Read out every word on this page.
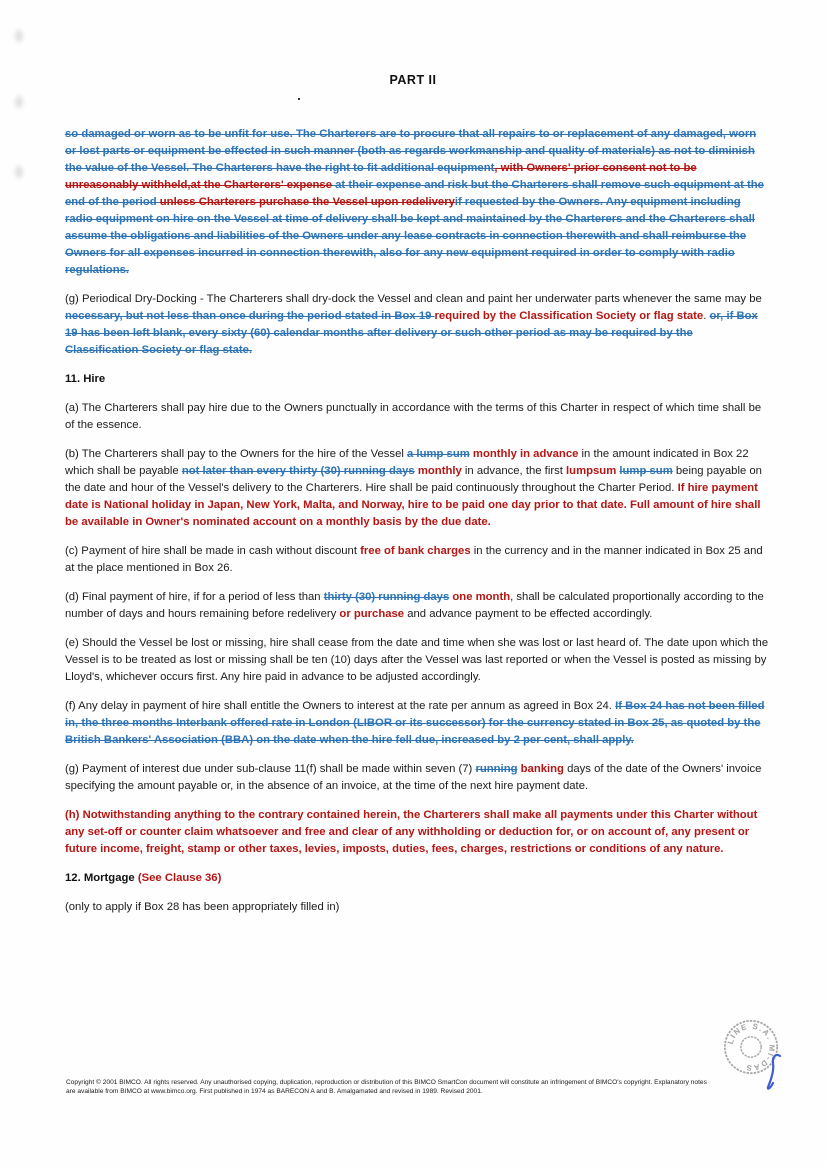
PART II

so damaged or worn as to be unfit for use. The Charterers are to procure that all repairs to or replacement of any damaged, worn or lost parts or equipment be effected in such manner (both as regards workmanship and quality of materials) as not to diminish the value of the Vessel. The Charterers have the right to fit additional equipment, with Owners' prior consent not to be unreasonably withheld,at the Charterers' expense at their expense and risk but the Charterers shall remove such equipment at the end of the period unless Charterers purchase the Vessel upon redeliveryif requested by the Owners. Any equipment including radio equipment on hire on the Vessel at time of delivery shall be kept and maintained by the Charterers and the Charterers shall assume the obligations and liabilities of the Owners under any lease contracts in connection therewith and shall reimburse the Owners for all expenses incurred in connection therewith, also for any new equipment required in order to comply with radio regulations.

(g) Periodical Dry-Docking - The Charterers shall dry-dock the Vessel and clean and paint her underwater parts whenever the same may be necessary, but not less than once during the period stated in Box 19 required by the Classification Society or flag state. or, if Box 19 has been left blank, every sixty (60) calendar months after delivery or such other period as may be required by the Classification Society or flag state.

11. Hire

(a) The Charterers shall pay hire due to the Owners punctually in accordance with the terms of this Charter in respect of which time shall be of the essence.

(b) The Charterers shall pay to the Owners for the hire of the Vessel a lump sum monthly in advance in the amount indicated in Box 22 which shall be payable not later than every thirty (30) running days monthly in advance, the first lumpsum lump sum being payable on the date and hour of the Vessel's delivery to the Charterers. Hire shall be paid continuously throughout the Charter Period. If hire payment date is National holiday in Japan, New York, Malta, and Norway, hire to be paid one day prior to that date. Full amount of hire shall be available in Owner's nominated account on a monthly basis by the due date.

(c) Payment of hire shall be made in cash without discount free of bank charges in the currency and in the manner indicated in Box 25 and at the place mentioned in Box 26.

(d) Final payment of hire, if for a period of less than thirty (30) running days one month, shall be calculated proportionally according to the number of days and hours remaining before redelivery or purchase and advance payment to be effected accordingly.

(e) Should the Vessel be lost or missing, hire shall cease from the date and time when she was lost or last heard of. The date upon which the Vessel is to be treated as lost or missing shall be ten (10) days after the Vessel was last reported or when the Vessel is posted as missing by Lloyd's, whichever occurs first. Any hire paid in advance to be adjusted accordingly.

(f) Any delay in payment of hire shall entitle the Owners to interest at the rate per annum as agreed in Box 24. If Box 24 has not been filled in, the three months Interbank offered rate in London (LIBOR or its successor) for the currency stated in Box 25, as quoted by the British Bankers' Association (BBA) on the date when the hire fell due, increased by 2 per cent, shall apply.

(g) Payment of interest due under sub-clause 11(f) shall be made within seven (7) running banking days of the date of the Owners' invoice specifying the amount payable or, in the absence of an invoice, at the time of the next hire payment date.

(h) Notwithstanding anything to the contrary contained herein, the Charterers shall make all payments under this Charter without any set-off or counter claim whatsoever and free and clear of any withholding or deduction for, or on account of, any present or future income, freight, stamp or other taxes, levies, imposts, duties, fees, charges, restrictions or conditions of any nature.

12. Mortgage (See Clause 36)

(only to apply if Box 28 has been appropriately filled in)

LINE S.A. MI-DAS
Copyright © 2001 BIMCO. All rights reserved. Any unauthorised copying, duplication, reproduction or distribution of this BIMCO SmartCon document will constitute an infringement of BIMCO's copyright. Explanatory notes
are available from BIMCO at www.bimco.org. First published in 1974 as BARECON A and B. Amalgamated and revised in 1989. Revised 2001.
